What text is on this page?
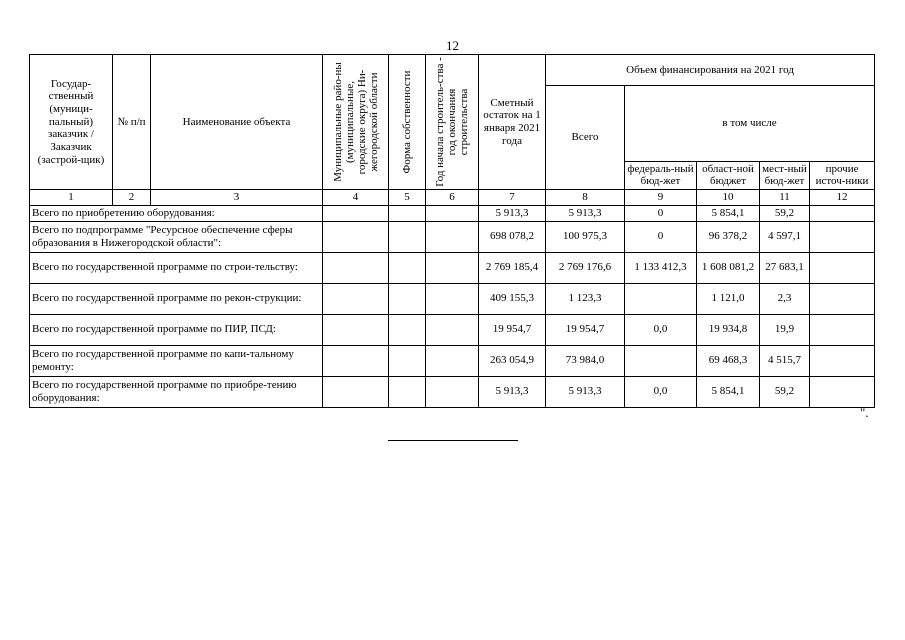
12
Государ-ственный (муници-пальный) заказчик / Заказчик (застрой-щик)	№ п/п	Наименование объекта	Муниципальные райо-ны (муниципальные, городские округа) Ни-жегородской области	Форма собственности	Год начала строитель-ства - год окончания строительства	Сметный остаток на 1 января 2021 года	Объем финансирования на 2021 год				
							Всего	в том числе			
								федераль-ный бюд-жет	област-ной бюджет	мест-ный бюд-жет	прочие источ-ники
1	2	3	4	5	6	7	8	9	10	11	12
Всего по приобретению оборудования:						5 913,3	5 913,3	0	5 854,1	59,2	
Всего по подпрограмме "Ресурсное обеспечение сферы образования в Нижегородской области":						698 078,2	100 975,3	0	96 378,2	4 597,1	
Всего по государственной программе по строи-тельству:						2 769 185,4	2 769 176,6	1 133 412,3	1 608 081,2	27 683,1	
Всего по государственной программе по рекон-струкции:						409 155,3	1 123,3		1 121,0	2,3	
Всего по государственной программе по ПИР, ПСД:						19 954,7	19 954,7	0,0	19 934,8	19,9	
Всего по государственной программе по капи-тальному ремонту:						263 054,9	73 984,0		69 468,3	4 515,7	
Всего по государственной программе по приобре-тению оборудования:						5 913,3	5 913,3	0,0	5 854,1	59,2	
".
